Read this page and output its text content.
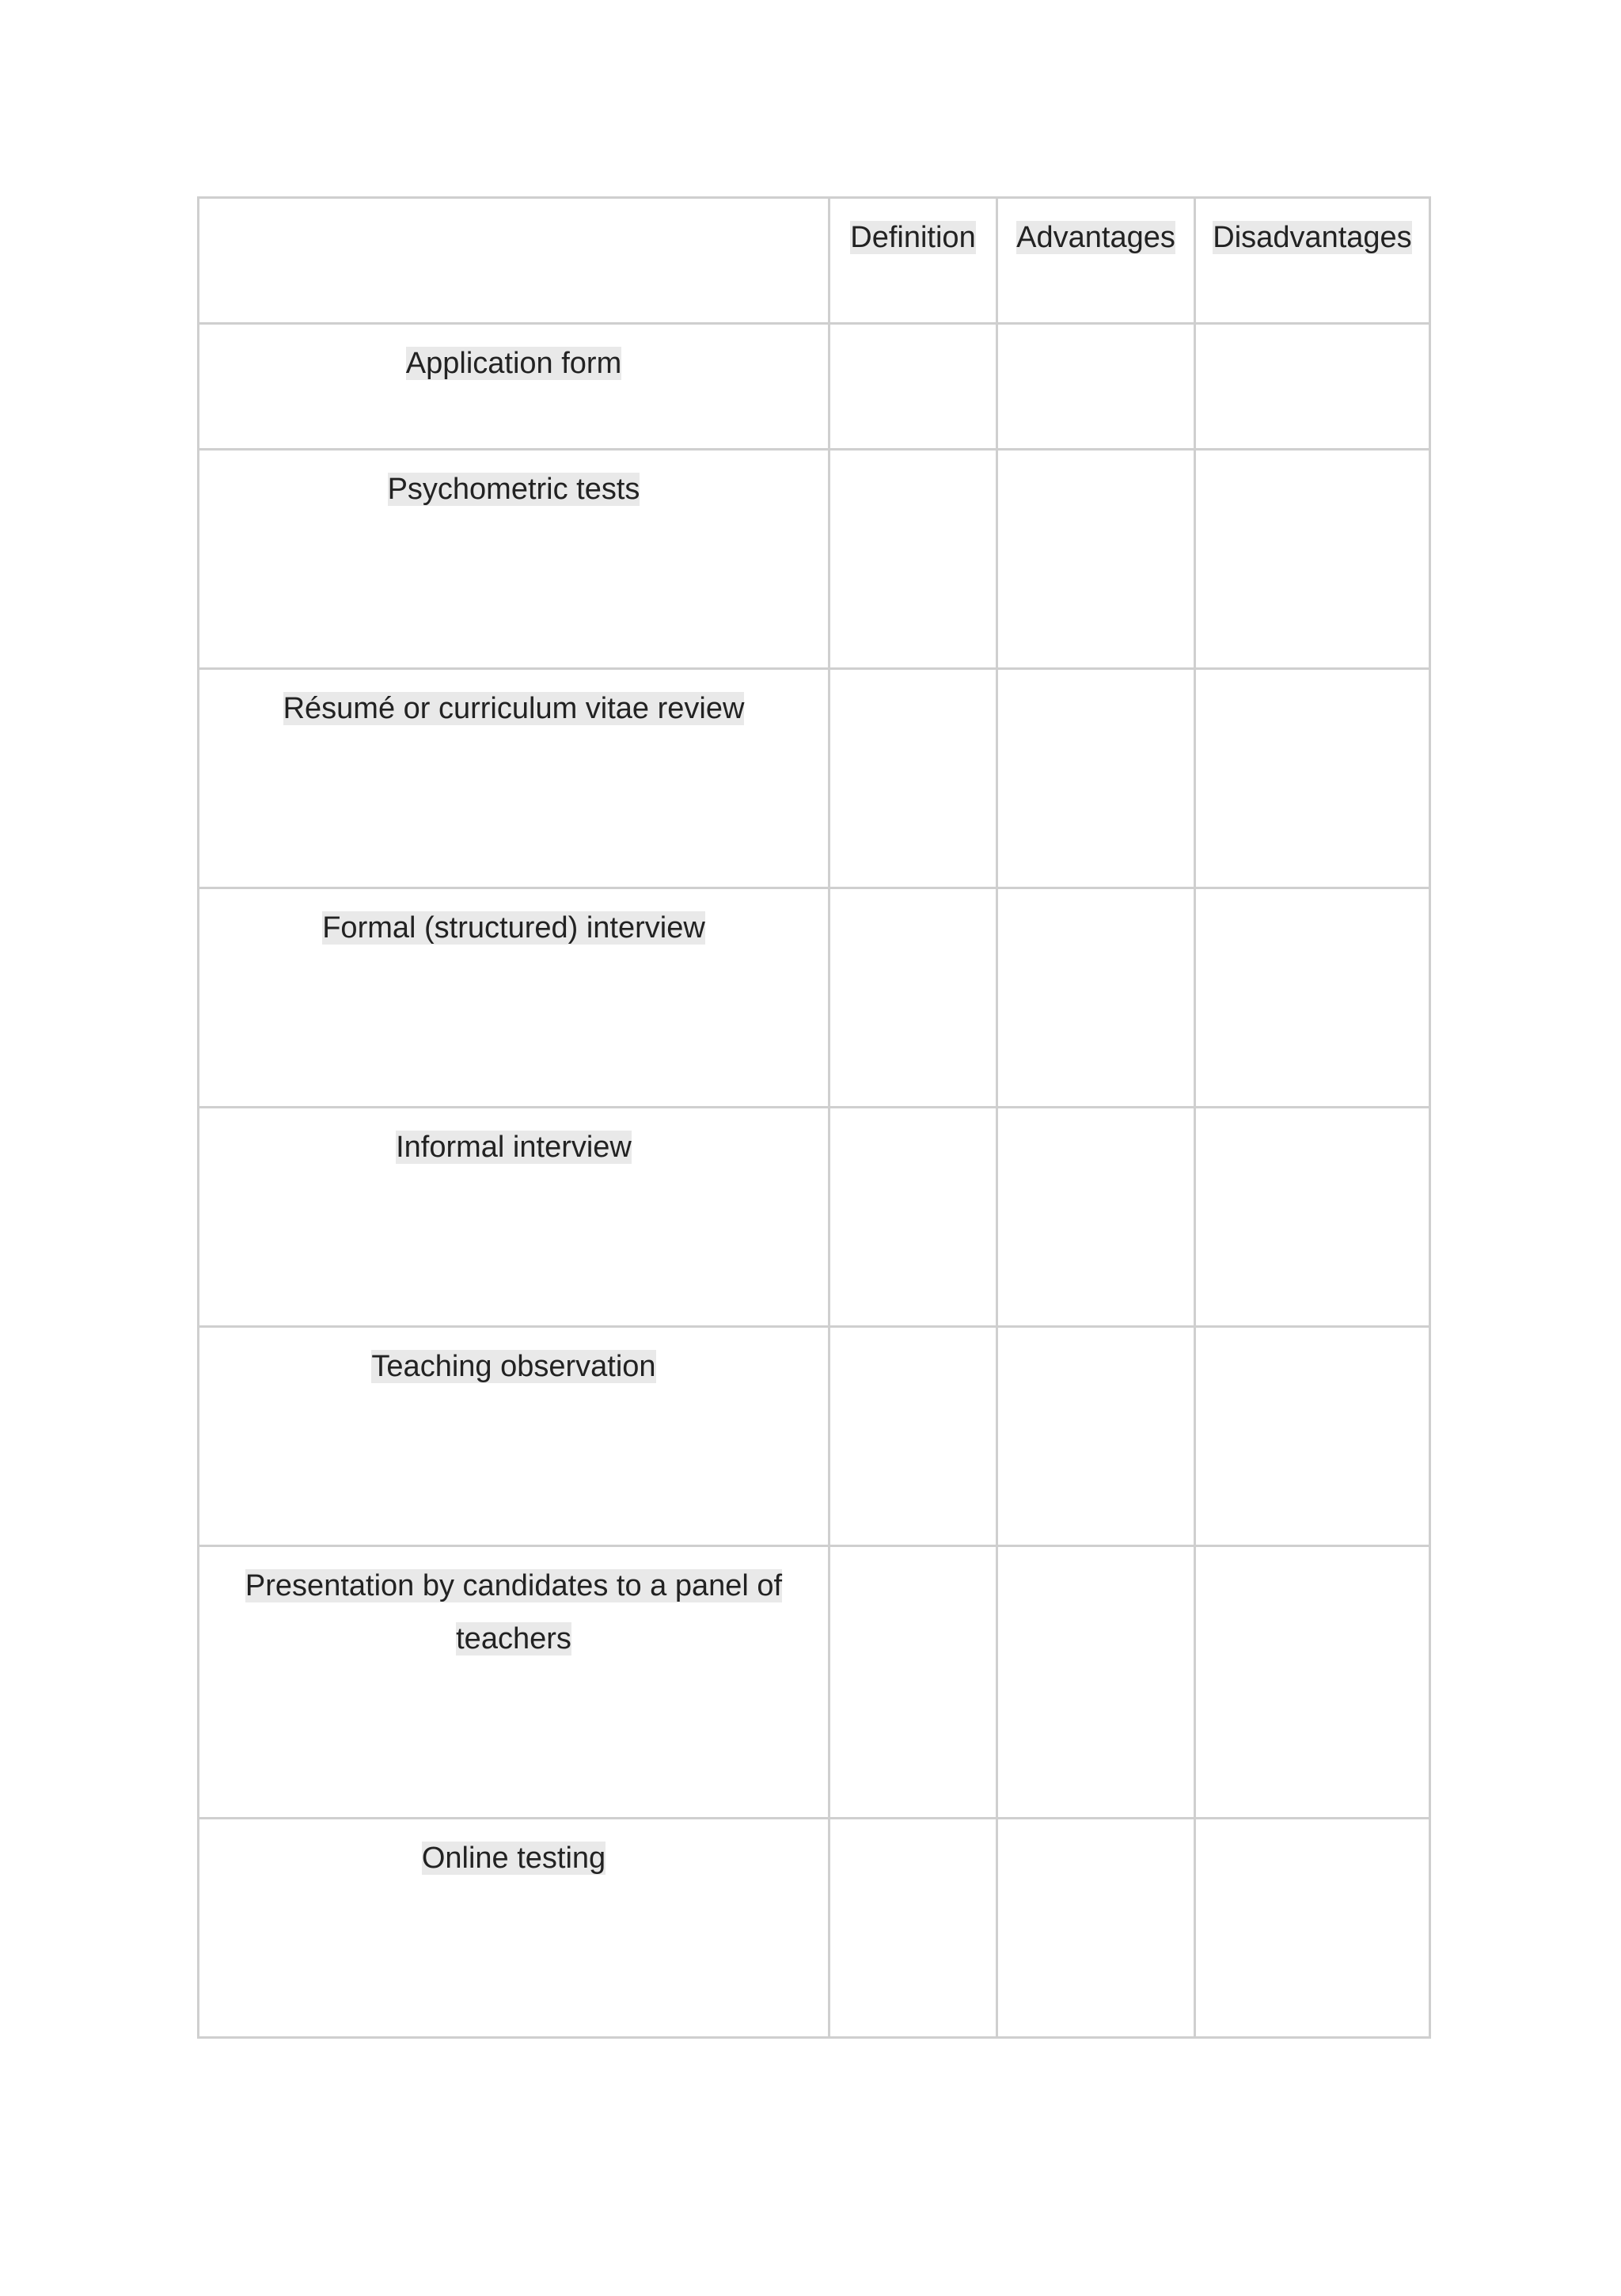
	Definition	Advantages	Disadvantages

Application form			

Psychometric tests			

Résumé or curriculum vitae review			

Formal (structured) interview			

Informal interview			

Teaching observation			

Presentation by candidates to a panel of teachers			

Online testing			
